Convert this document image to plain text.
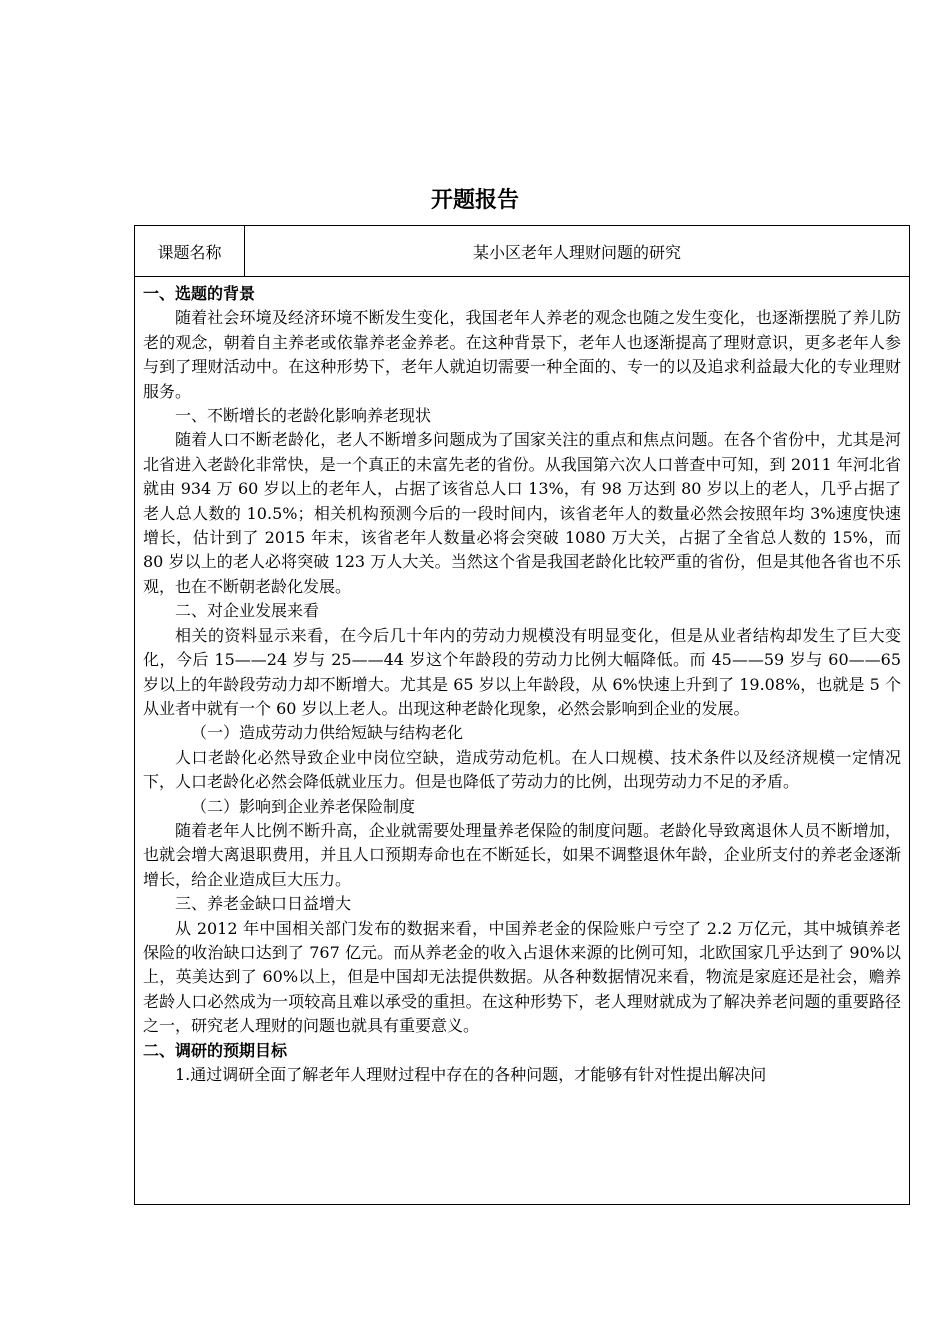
开题报告
课题名称	某小区老年人理财问题的研究
一、选题的背景

随着社会环境及经济环境不断发生变化，我国老年人养老的观念也随之发生变化，也逐渐摆脱了养儿防老的观念，朝着自主养老或依靠养老金养老。在这种背景下，老年人也逐渐提高了理财意识，更多老年人参与到了理财活动中。在这种形势下，老年人就迫切需要一种全面的、专一的以及追求利益最大化的专业理财服务。

一、不断增长的老龄化影响养老现状

随着人口不断老龄化，老人不断增多问题成为了国家关注的重点和焦点问题。在各个省份中，尤其是河北省进入老龄化非常快，是一个真正的未富先老的省份。从我国第六次人口普查中可知，到 2011 年河北省就由 934 万 60 岁以上的老年人，占据了该省总人口 13%，有 98 万达到 80 岁以上的老人，几乎占据了老人总人数的 10.5%；相关机构预测今后的一段时间内，该省老年人的数量必然会按照年均 3%速度快速增长，估计到了 2015 年末，该省老年人数量必将会突破 1080 万大关，占据了全省总人数的 15%，而 80 岁以上的老人必将突破 123 万人大关。当然这个省是我国老龄化比较严重的省份，但是其他各省也不乐观，也在不断朝老龄化发展。

二、对企业发展来看

相关的资料显示来看，在今后几十年内的劳动力规模没有明显变化，但是从业者结构却发生了巨大变化，今后 15——24 岁与 25——44 岁这个年龄段的劳动力比例大幅降低。而 45——59 岁与 60——65 岁以上的年龄段劳动力却不断增大。尤其是 65 岁以上年龄段，从 6%快速上升到了 19.08%，也就是 5 个从业者中就有一个 60 岁以上老人。出现这种老龄化现象，必然会影响到企业的发展。

（一）造成劳动力供给短缺与结构老化

人口老龄化必然导致企业中岗位空缺，造成劳动危机。在人口规模、技术条件以及经济规模一定情况下，人口老龄化必然会降低就业压力。但是也降低了劳动力的比例，出现劳动力不足的矛盾。

（二）影响到企业养老保险制度

随着老年人比例不断升高，企业就需要处理量养老保险的制度问题。老龄化导致离退休人员不断增加，也就会增大离退职费用，并且人口预期寿命也在不断延长，如果不调整退休年龄，企业所支付的养老金逐渐增长，给企业造成巨大压力。

三、养老金缺口日益增大

从 2012 年中国相关部门发布的数据来看，中国养老金的保险账户亏空了 2.2 万亿元，其中城镇养老保险的收治缺口达到了 767 亿元。而从养老金的收入占退休来源的比例可知，北欧国家几乎达到了 90%以上，英美达到了 60%以上，但是中国却无法提供数据。从各种数据情况来看，物流是家庭还是社会，赡养老龄人口必然成为一项较高且难以承受的重担。在这种形势下，老人理财就成为了解决养老问题的重要路径之一，研究老人理财的问题也就具有重要意义。

二、调研的预期目标

1.通过调研全面了解老年人理财过程中存在的各种问题，才能够有针对性提出解决问
